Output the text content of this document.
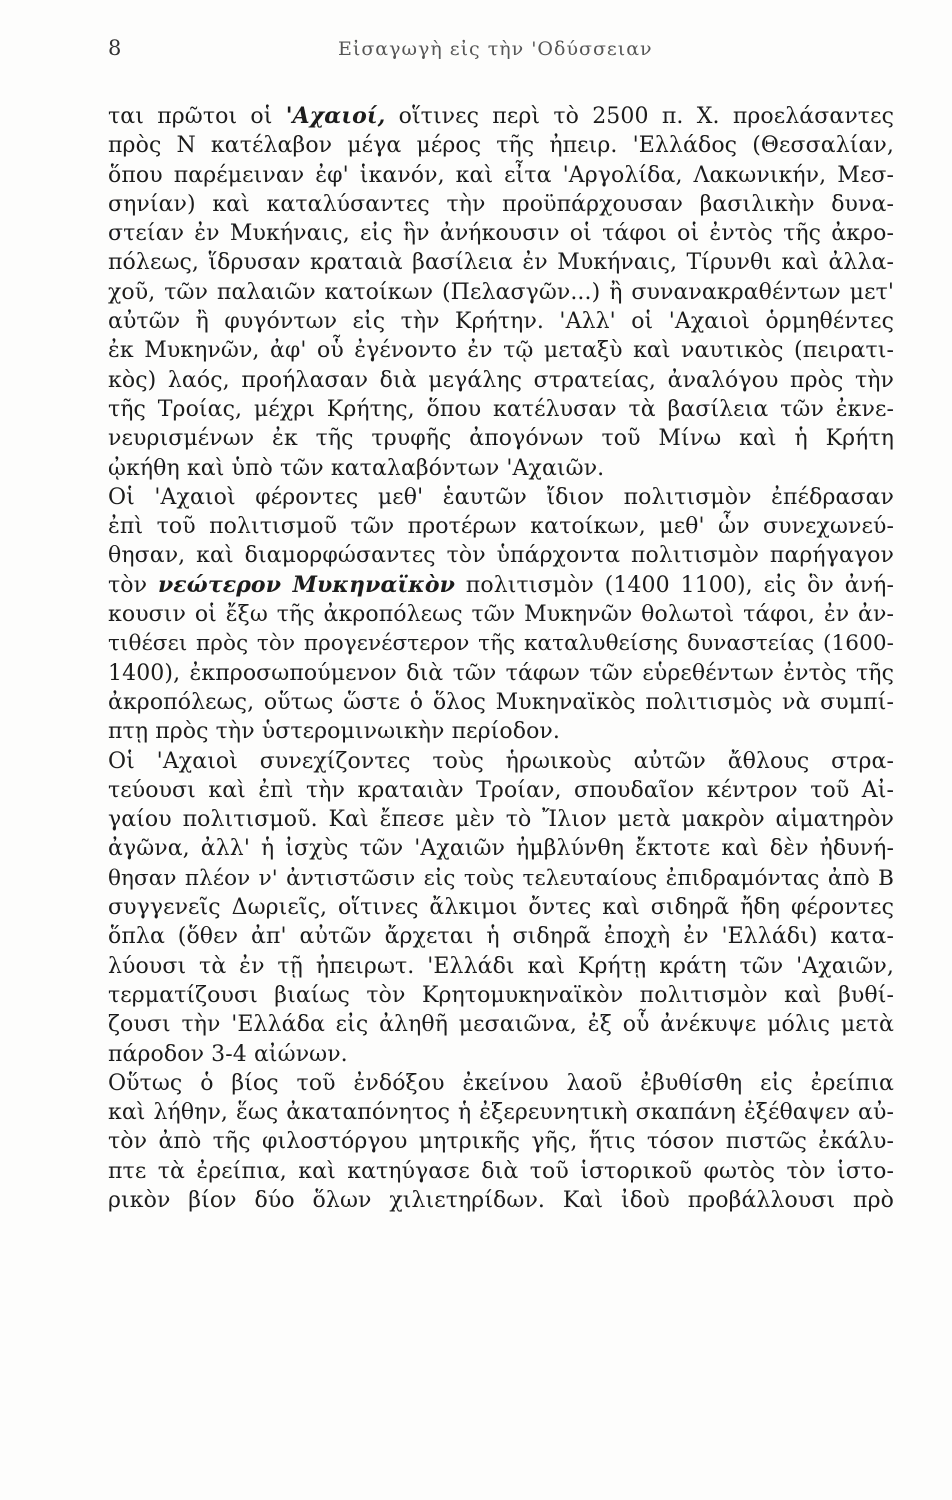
8	Εἰσαγωγὴ εἰς τὴν 'Οδύσσειαν
ται πρῶτοι οἱ 'Αχαιοί, οἵτινες περὶ τὸ 2500 π. Χ. προελάσαντες
πρὸς Ν κατέλαβον μέγα μέρος τῆς ἠπειρ. 'Ελλάδος (Θεσσαλίαν,
ὅπου παρέμειναν ἐφ' ἱκανόν, καὶ εἶτα 'Αργολίδα, Λακωνικήν, Μεσ-
σηνίαν) καὶ καταλύσαντες τὴν προϋπάρχουσαν βασιλικὴν δυνα-
στείαν ἐν Μυκήναις, εἰς ἣν ἀνήκουσιν οἱ τάφοι οἱ ἐντὸς τῆς ἀκρο-
πόλεως, ἵδρυσαν κραταιὰ βασίλεια ἐν Μυκήναις, Τίρυνθι καὶ ἀλλα-
χοῦ, τῶν παλαιῶν κατοίκων (Πελασγῶν...) ἢ συνανακραθέντων μετ'
αὐτῶν ἢ φυγόντων εἰς τὴν Κρήτην. 'Αλλ' οἱ 'Αχαιοὶ ὁρμηθέντες
ἐκ Μυκηνῶν, ἀφ' οὗ ἐγένοντο ἐν τῷ μεταξὺ καὶ ναυτικὸς (πειρατι-
κὸς) λαός, προήλασαν διὰ μεγάλης στρατείας, ἀναλόγου πρὸς τὴν
τῆς Τροίας, μέχρι Κρήτης, ὅπου κατέλυσαν τὰ βασίλεια τῶν ἐκνε-
νευρισμένων ἐκ τῆς τρυφῆς ἀπογόνων τοῦ Μίνω καὶ ἡ Κρήτη
ᾠκήθη καὶ ὑπὸ τῶν καταλαβόντων 'Αχαιῶν.
Οἱ 'Αχαιοὶ φέροντες μεθ' ἑαυτῶν ἴδιον πολιτισμὸν ἐπέδρασαν
ἐπὶ τοῦ πολιτισμοῦ τῶν προτέρων κατοίκων, μεθ' ὧν συνεχωνεύ-
θησαν, καὶ διαμορφώσαντες τὸν ὑπάρχοντα πολιτισμὸν παρήγαγον
τὸν νεώτερον Μυκηναϊκὸν πολιτισμὸν (1400 1100), εἰς ὃν ἀνή-
κουσιν οἱ ἔξω τῆς ἀκροπόλεως τῶν Μυκηνῶν θολωτοὶ τάφοι, ἐν ἀν-
τιθέσει πρὸς τὸν προγενέστερον τῆς καταλυθείσης δυναστείας (1600-
1400), ἐκπροσωπούμενον διὰ τῶν τάφων τῶν εὑρεθέντων ἐντὸς τῆς
ἀκροπόλεως, οὕτως ὥστε ὁ ὅλος Μυκηναϊκὸς πολιτισμὸς νὰ συμπί-
πτῃ πρὸς τὴν ὑστερομινωικὴν περίοδον.
Οἱ 'Αχαιοὶ συνεχίζοντες τοὺς ἡρωικοὺς αὐτῶν ἄθλους στρα-
τεύουσι καὶ ἐπὶ τὴν κραταιὰν Τροίαν, σπουδαῖον κέντρον τοῦ Αἰ-
γαίου πολιτισμοῦ. Καὶ ἔπεσε μὲν τὸ Ἴλιον μετὰ μακρὸν αἱματηρὸν
ἀγῶνα, ἀλλ' ἡ ἰσχὺς τῶν 'Αχαιῶν ἠμβλύνθη ἔκτοτε καὶ δὲν ἠδυνή-
θησαν πλέον ν' ἀντιστῶσιν εἰς τοὺς τελευταίους ἐπιδραμόντας ἀπὸ Β
συγγενεῖς Δωριεῖς, οἵτινες ἄλκιμοι ὄντες καὶ σιδηρᾶ ἤδη φέροντες
ὅπλα (ὅθεν ἀπ' αὐτῶν ἄρχεται ἡ σιδηρᾶ ἐποχὴ ἐν 'Ελλάδι) κατα-
λύουσι τὰ ἐν τῇ ἠπειρωτ. 'Ελλάδι καὶ Κρήτῃ κράτη τῶν 'Αχαιῶν,
τερματίζουσι βιαίως τὸν Κρητομυκηναϊκὸν πολιτισμὸν καὶ βυθί-
ζουσι τὴν 'Ελλάδα εἰς ἀληθῆ μεσαιῶνα, ἐξ οὗ ἀνέκυψε μόλις μετὰ
πάροδον 3-4 αἰώνων.
Οὕτως ὁ βίος τοῦ ἐνδόξου ἐκείνου λαοῦ ἐβυθίσθη εἰς ἐρείπια
καὶ λήθην, ἕως ἀκαταπόνητος ἡ ἐξερευνητικὴ σκαπάνη ἐξέθαψεν αὐ-
τὸν ἀπὸ τῆς φιλοστόργου μητρικῆς γῆς, ἥτις τόσον πιστῶς ἐκάλυ-
πτε τὰ ἐρείπια, καὶ κατηύγασε διὰ τοῦ ἱστορικοῦ φωτὸς τὸν ἱστο-
ρικὸν βίον δύο ὅλων χιλιετηρίδων. Καὶ ἰδοὺ προβάλλουσι πρὸ
